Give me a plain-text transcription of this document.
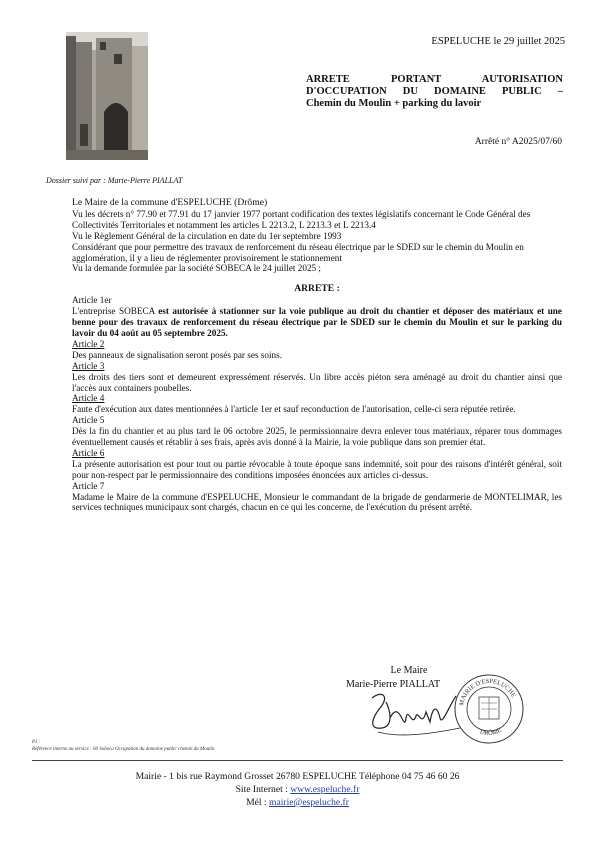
ESPELUCHE le 29 juillet 2025
ARRETE PORTANT AUTORISATION
D'OCCUPATION DU DOMAINE PUBLIC –
Chemin du Moulin + parking du lavoir
Arrêté n° A2025/07/60
Dossier suivi par : Marie-Pierre PIALLAT

Le Maire de la commune d'ESPELUCHE (Drôme)

Vu les décrets n° 77.90 et 77.91 du 17 janvier 1977 portant codification des textes législatifs concernant le Code Général des Collectivités Territoriales et notamment les articles L 2213.2, L 2213.3 et L 2213.4

Vu le Règlement Général de la circulation en date du 1er septembre 1993

Considérant que pour permettre des travaux de renforcement du réseau électrique par le SDED sur le chemin du Moulin en agglomération, il y a lieu de réglementer provisoirement le stationnement

Vu la demande formulée par la société SOBECA le 24 juillet 2025 ;

ARRETE :

Article 1er

L'entreprise SOBECA est autorisée à stationner sur la voie publique au droit du chantier et déposer des matériaux et une benne pour des travaux de renforcement du réseau électrique par le SDED sur le chemin du Moulin et sur le parking du lavoir du 04 août au 05 septembre 2025.

Article 2

Des panneaux de signalisation seront posés par ses soins.

Article 3

Les droits des tiers sont et demeurent expressément réservés. Un libre accès piéton sera aménagé au droit du chantier ainsi que l'accès aux containers poubelles.

Article 4

Faute d'exécution aux dates mentionnées à l'article 1er et sauf reconduction de l'autorisation, celle-ci sera réputée retirée.

Article 5

Dès la fin du chantier et au plus tard le 06 octobre 2025, le permissionnaire devra enlever tous matériaux, réparer tous dommages éventuellement causés et rétablir à ses frais, après avis donné à la Mairie, la voie publique dans son premier état.

Article 6

La présente autorisation est pour tout ou partie révocable à toute époque sans indemnité, soit pour des raisons d'intérêt général, soit pour non-respect par le permissionnaire des conditions imposées énoncées aux articles ci-dessus.

Article 7

Madame le Maire de la commune d'ESPELUCHE, Monsieur le commandant de la brigade de gendarmerie de MONTELIMAR, les services techniques municipaux sont chargés, chacun en ce qui les concerne, de l'exécution du présent arrêté.

Le Maire
Marie-Pierre PIALLAT
MAIRIE D'ESPELUCHE
DRÔME
PJ :
Référence interne au service : 60 Sobeca Occupation du domaine public chemin du Moulin
Mairie - 1 bis rue Raymond Grosset 26780 ESPELUCHE Téléphone 04 75 46 60 26
Site Internet : www.espeluche.fr
Mél : mairie@espeluche.fr
